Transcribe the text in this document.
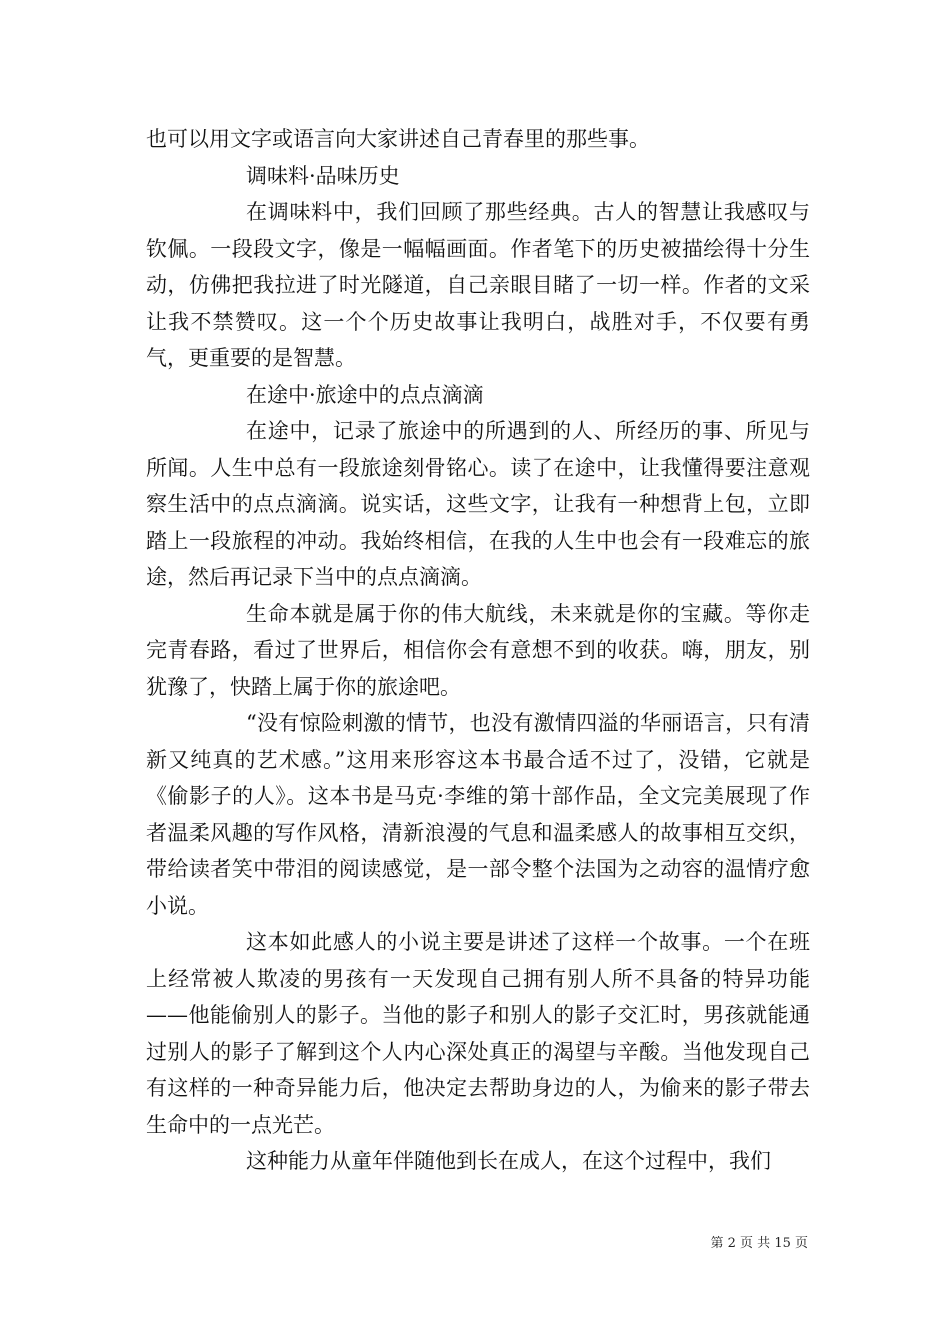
也可以用文字或语言向大家讲述自己青春里的那些事。

调味料·品味历史

在调味料中，我们回顾了那些经典。古人的智慧让我感叹与钦佩。一段段文字，像是一幅幅画面。作者笔下的历史被描绘得十分生动，仿佛把我拉进了时光隧道，自己亲眼目睹了一切一样。作者的文采让我不禁赞叹。这一个个历史故事让我明白，战胜对手，不仅要有勇气，更重要的是智慧。

在途中·旅途中的点点滴滴

在途中，记录了旅途中的所遇到的人、所经历的事、所见与所闻。人生中总有一段旅途刻骨铭心。读了在途中，让我懂得要注意观察生活中的点点滴滴。说实话，这些文字，让我有一种想背上包，立即踏上一段旅程的冲动。我始终相信，在我的人生中也会有一段难忘的旅途，然后再记录下当中的点点滴滴。

生命本就是属于你的伟大航线，未来就是你的宝藏。等你走完青春路，看过了世界后，相信你会有意想不到的收获。嗨，朋友，别犹豫了，快踏上属于你的旅途吧。

“没有惊险刺激的情节，也没有激情四溢的华丽语言，只有清新又纯真的艺术感。”这用来形容这本书最合适不过了，没错，它就是《偷影子的人》。这本书是马克·李维的第十部作品，全文完美展现了作者温柔风趣的写作风格，清新浪漫的气息和温柔感人的故事相互交织，带给读者笑中带泪的阅读感觉，是一部令整个法国为之动容的温情疗愈小说。

这本如此感人的小说主要是讲述了这样一个故事。一个在班上经常被人欺凌的男孩有一天发现自己拥有别人所不具备的特异功能——他能偷别人的影子。当他的影子和别人的影子交汇时，男孩就能通过别人的影子了解到这个人内心深处真正的渴望与辛酸。当他发现自己有这样的一种奇异能力后，他决定去帮助身边的人，为偷来的影子带去生命中的一点光芒。

这种能力从童年伴随他到长在成人，在这个过程中，我们

第 2 页 共 15 页
